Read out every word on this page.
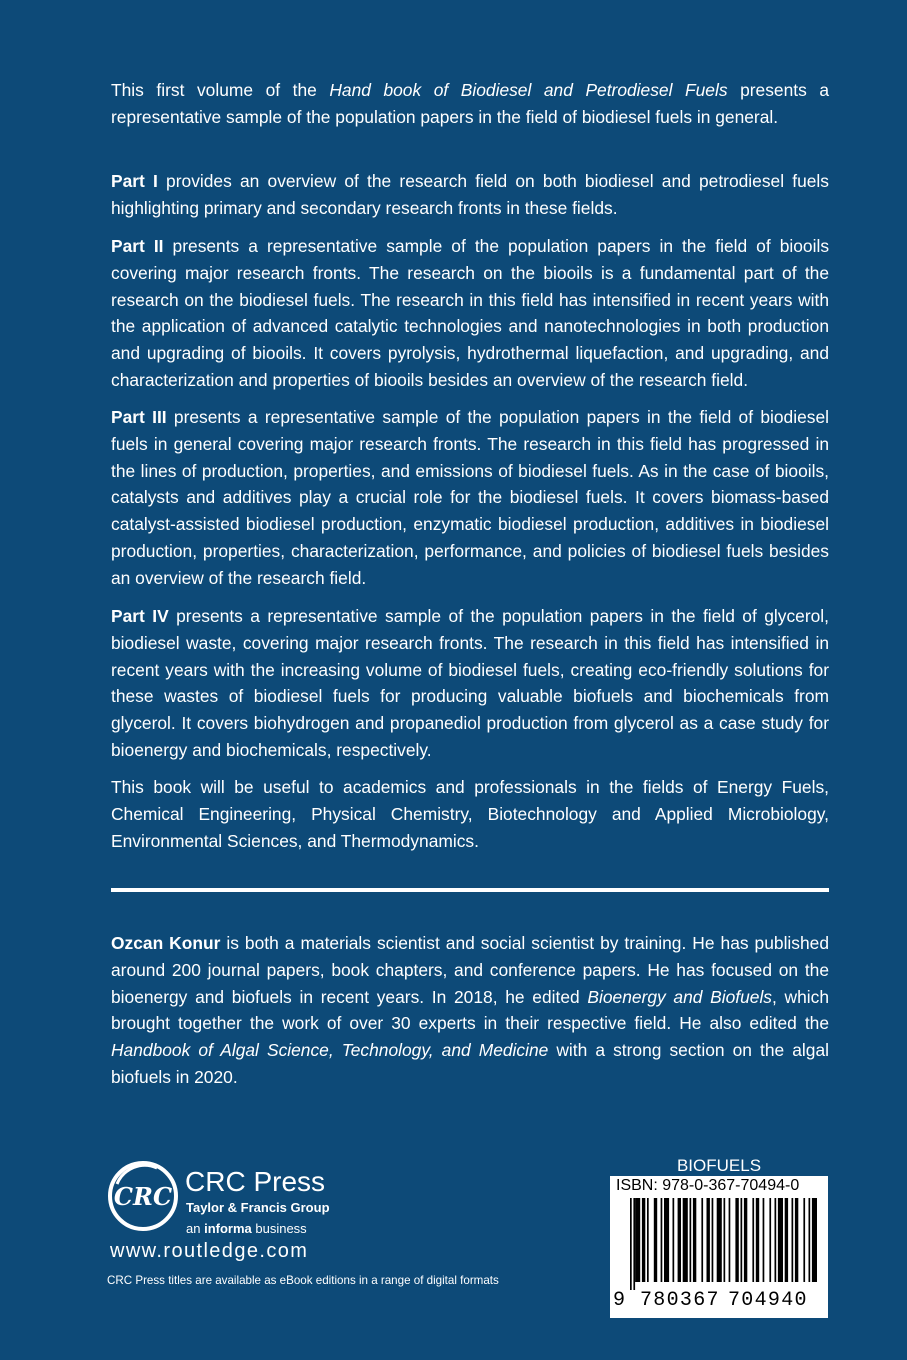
This first volume of the Hand book of Biodiesel and Petrodiesel Fuels presents a representative sample of the population papers in the field of biodiesel fuels in general.

Part I provides an overview of the research field on both biodiesel and petrodiesel fuels highlighting primary and secondary research fronts in these fields.

Part II presents a representative sample of the population papers in the field of biooils covering major research fronts. The research on the biooils is a fundamental part of the research on the biodiesel fuels. The research in this field has intensified in recent years with the application of advanced catalytic technologies and nanotechnologies in both production and upgrading of biooils. It covers pyrolysis, hydrothermal liquefaction, and upgrading, and characterization and properties of biooils besides an overview of the research field.

Part III presents a representative sample of the population papers in the field of biodiesel fuels in general covering major research fronts. The research in this field has progressed in the lines of production, properties, and emissions of biodiesel fuels. As in the case of biooils, catalysts and additives play a crucial role for the biodiesel fuels. It covers biomass-based catalyst-assisted biodiesel production, enzymatic biodiesel production, additives in biodiesel production, properties, characterization, performance, and policies of biodiesel fuels besides an overview of the research field.

Part IV presents a representative sample of the population papers in the field of glycerol, biodiesel waste, covering major research fronts. The research in this field has intensified in recent years with the increasing volume of biodiesel fuels, creating eco-friendly solutions for these wastes of biodiesel fuels for producing valuable biofuels and biochemicals from glycerol. It covers biohydrogen and propanediol production from glycerol as a case study for bioenergy and biochemicals, respectively.

This book will be useful to academics and professionals in the fields of Energy Fuels, Chemical Engineering, Physical Chemistry, Biotechnology and Applied Microbiology, Environmental Sciences, and Thermodynamics.

Ozcan Konur is both a materials scientist and social scientist by training. He has published around 200 journal papers, book chapters, and conference papers. He has focused on the bioenergy and biofuels in recent years. In 2018, he edited Bioenergy and Biofuels, which brought together the work of over 30 experts in their respective field. He also edited the Handbook of Algal Science, Technology, and Medicine with a strong section on the algal biofuels in 2020.

CRC CRC Press
Taylor & Francis Group
an informa business
www.routledge.com
CRC Press titles are available as eBook editions in a range of digital formats
BIOFUELS
ISBN: 978-0-367-70494-0
9 780367 704940
